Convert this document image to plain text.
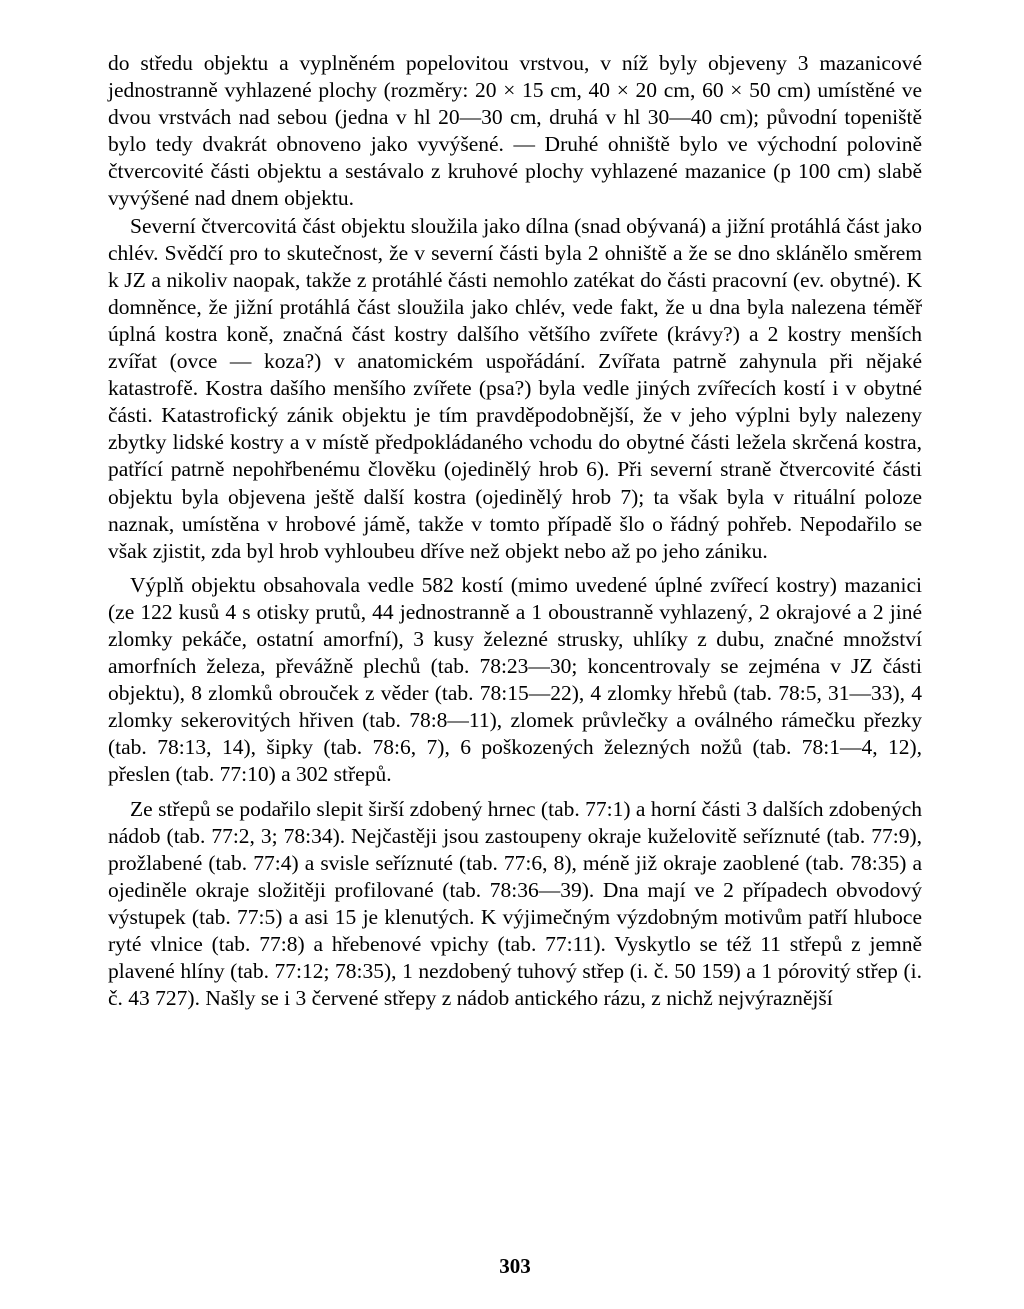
do středu objektu a vyplněném popelovitou vrstvou, v níž byly objeveny 3 mazanicové jednostranně vyhlazené plochy (rozměry: 20 × 15 cm, 40 × 20 cm, 60 × 50 cm) umístěné ve dvou vrstvách nad sebou (jedna v hl 20—30 cm, druhá v hl 30—40 cm); původní topeniště bylo tedy dvakrát obnoveno jako vyvýšené. — Druhé ohniště bylo ve východní polovině čtvercovité části objektu a sestávalo z kruhové plochy vyhlazené mazanice (p 100 cm) slabě vyvýšené nad dnem objektu.

Severní čtvercovitá část objektu sloužila jako dílna (snad obývaná) a jižní protáhlá část jako chlév. Svědčí pro to skutečnost, že v severní části byla 2 ohniště a že se dno sklánělo směrem k JZ a nikoliv naopak, takže z protáhlé části nemohlo zatékat do části pracovní (ev. obytné). K domněnce, že jižní protáhlá část sloužila jako chlév, vede fakt, že u dna byla nalezena téměř úplná kostra koně, značná část kostry dalšího většího zvířete (krávy?) a 2 kostry menších zvířat (ovce — koza?) v anatomickém uspořádání. Zvířata patrně zahynula při nějaké katastrofě. Kostra dašího menšího zvířete (psa?) byla vedle jiných zvířecích kostí i v obytné části. Katastrofický zánik objektu je tím pravděpodobnější, že v jeho výplni byly nalezeny zbytky lidské kostry a v místě předpokládaného vchodu do obytné části ležela skrčená kostra, patřící patrně nepohřbenému člověku (ojedinělý hrob 6). Při severní straně čtvercovité části objektu byla objevena ještě další kostra (ojedinělý hrob 7); ta však byla v rituální poloze naznak, umístěna v hrobové jámě, takže v tomto případě šlo o řádný pohřeb. Nepodařilo se však zjistit, zda byl hrob vyhloubeu dříve než objekt nebo až po jeho zániku.

Výplň objektu obsahovala vedle 582 kostí (mimo uvedené úplné zvířecí kostry) mazanici (ze 122 kusů 4 s otisky prutů, 44 jednostranně a 1 oboustranně vyhlazený, 2 okrajové a 2 jiné zlomky pekáče, ostatní amorfní), 3 kusy železné strusky, uhlíky z dubu, značné množství amorfních železa, převážně plechů (tab. 78:23—30; koncentrovaly se zejména v JZ části objektu), 8 zlomků obrouček z věder (tab. 78:15—22), 4 zlomky hřebů (tab. 78:5, 31—33), 4 zlomky sekerovitých hřiven (tab. 78:8—11), zlomek průvlečky a oválného rámečku přezky (tab. 78:13, 14), šipky (tab. 78:6, 7), 6 poškozených železných nožů (tab. 78:1—4, 12), přeslen (tab. 77:10) a 302 střepů.

Ze střepů se podařilo slepit širší zdobený hrnec (tab. 77:1) a horní části 3 dalších zdobených nádob (tab. 77:2, 3; 78:34). Nejčastěji jsou zastoupeny okraje kuželovitě seříznuté (tab. 77:9), prožlabené (tab. 77:4) a svisle seříznuté (tab. 77:6, 8), méně již okraje zaoblené (tab. 78:35) a ojediněle okraje složitěji profilované (tab. 78:36—39). Dna mají ve 2 případech obvodový výstupek (tab. 77:5) a asi 15 je klenutých. K výjimečným výzdobným motivům patří hluboce ryté vlnice (tab. 77:8) a hřebenové vpichy (tab. 77:11). Vyskytlo se též 11 střepů z jemně plavené hlíny (tab. 77:12; 78:35), 1 nezdobený tuhový střep (i. č. 50 159) a 1 pórovitý střep (i. č. 43 727). Našly se i 3 červené střepy z nádob antického rázu, z nichž nejvýraznější

303
